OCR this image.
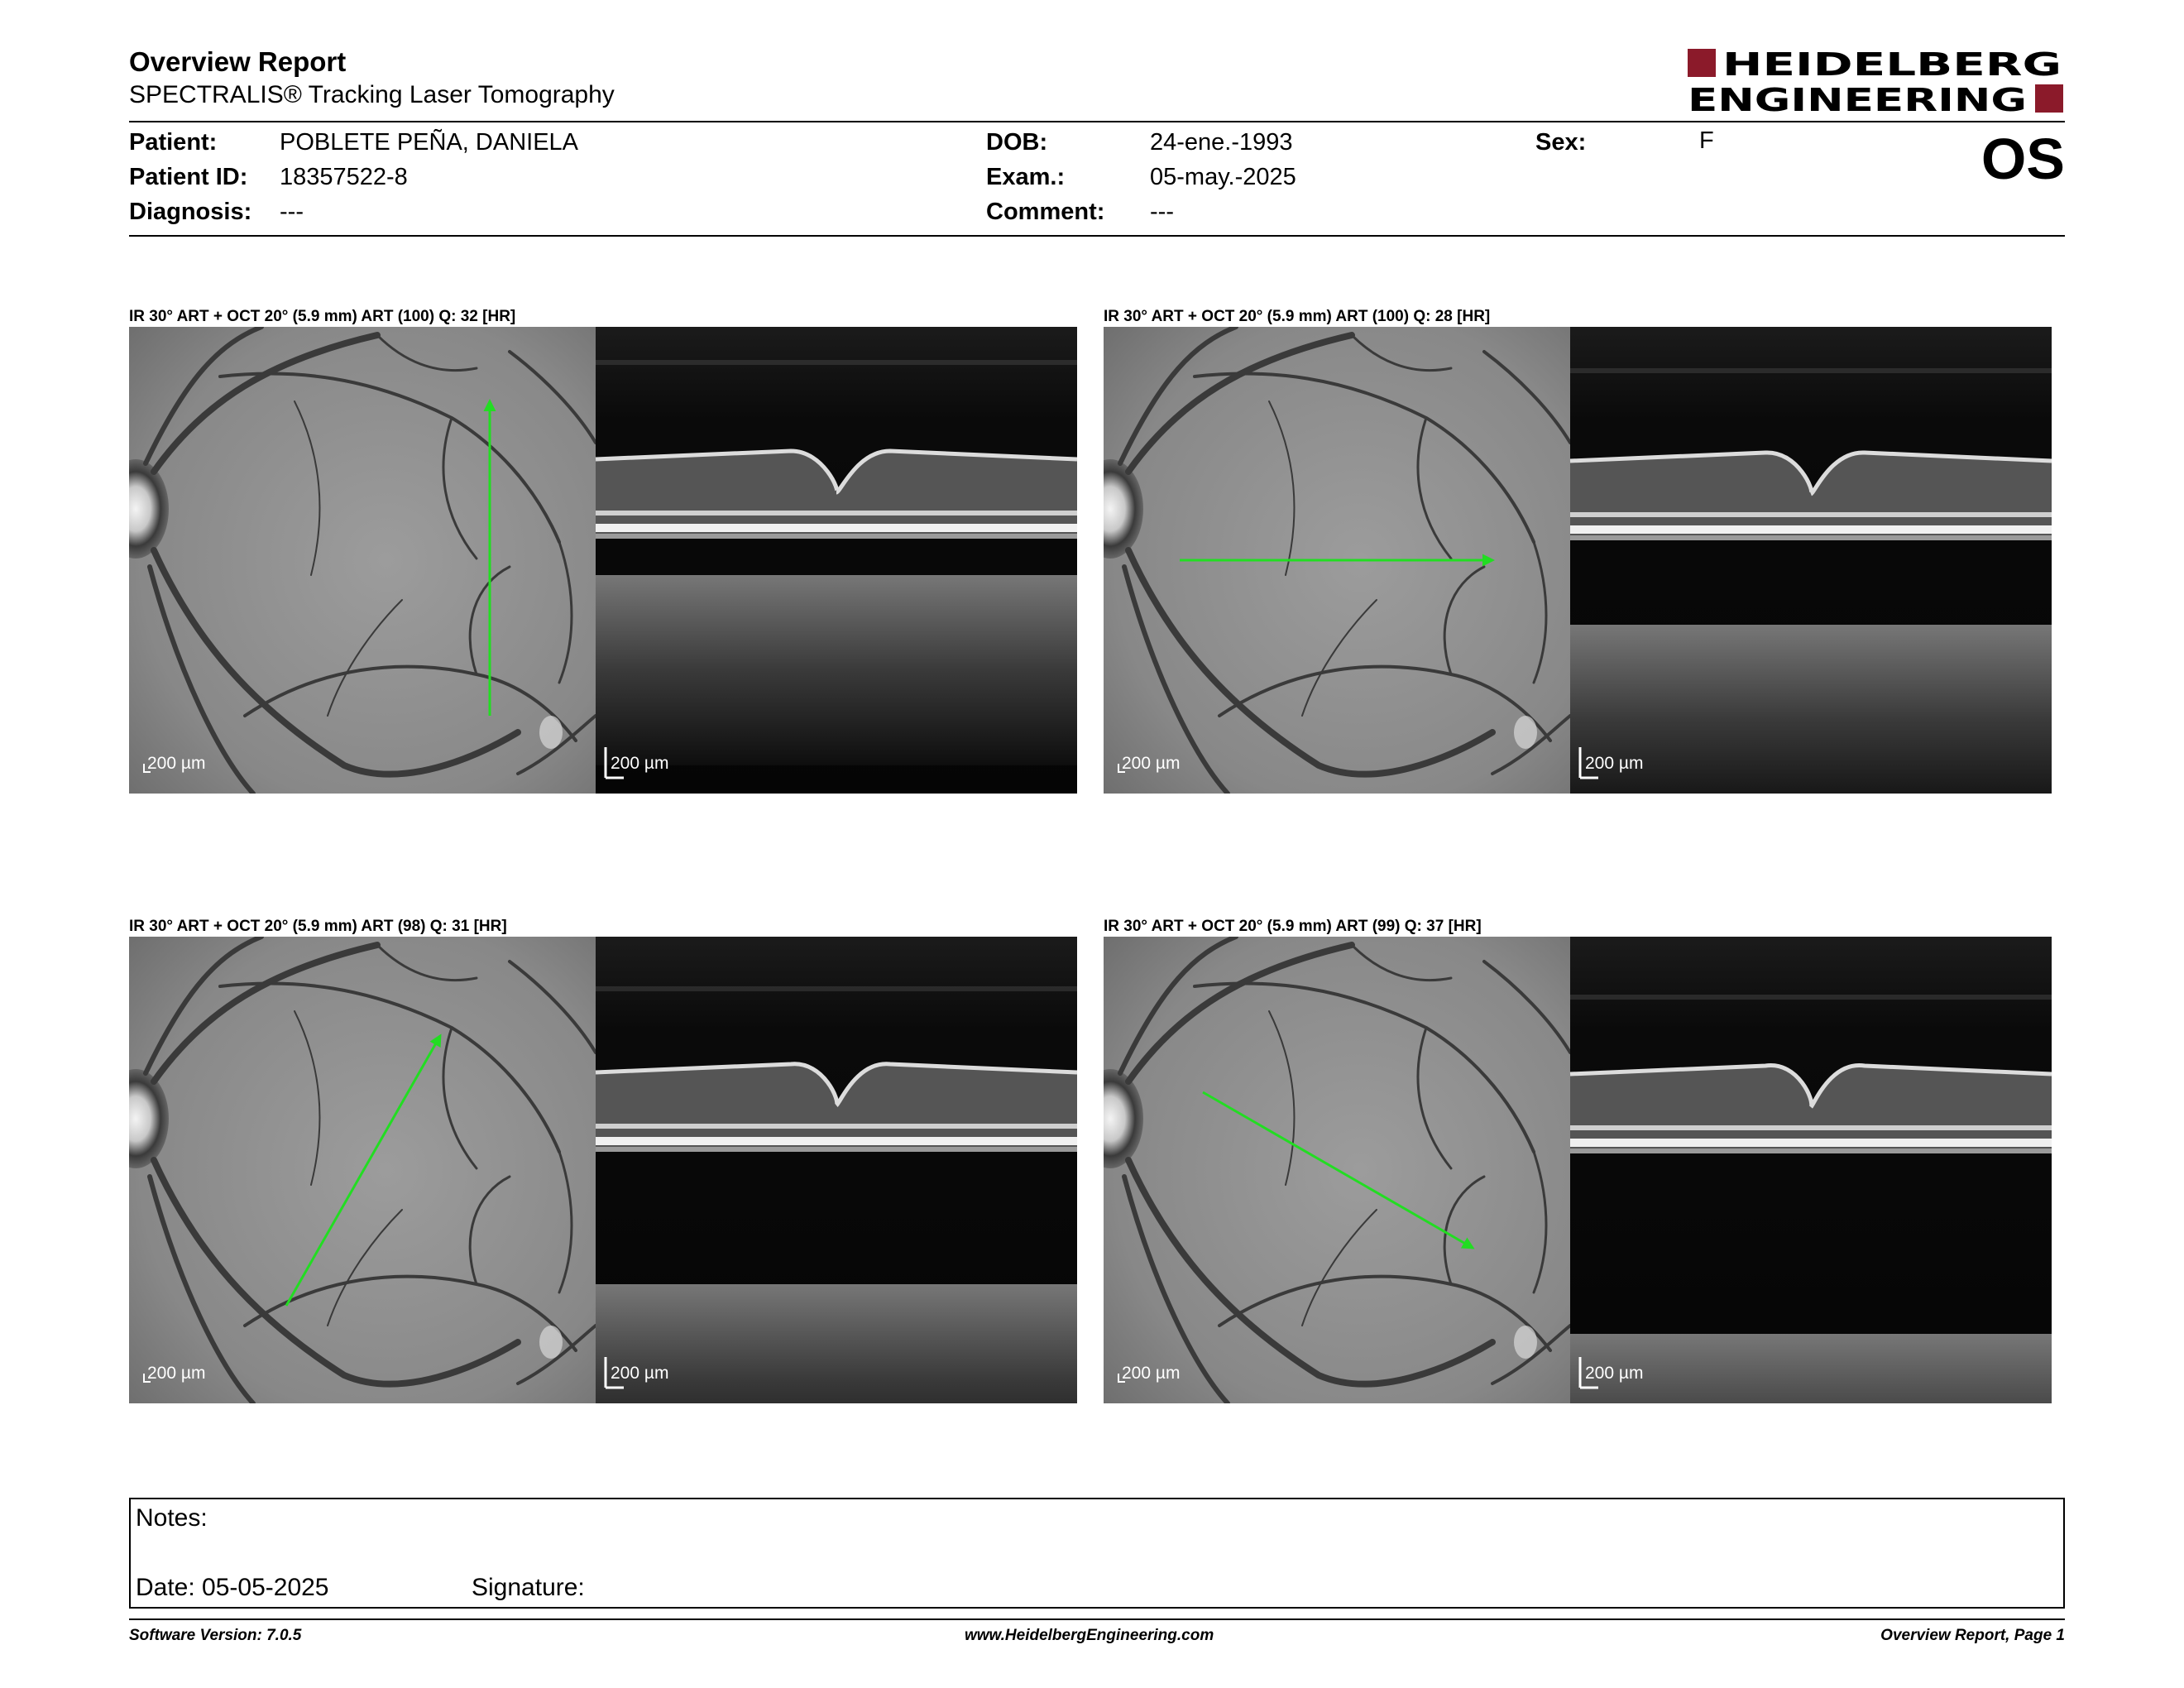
Overview Report
SPECTRALIS® Tracking Laser Tomography
HEIDELBERG
ENGINEERING
Patient:	POBLETE PEÑA, DANIELA
Patient ID: 18357522-8
Diagnosis: ---
DOB:	24-ene.-1993
Exam.:	05-may.-2025
Comment: ---
Sex:	F	OS
IR 30° ART + OCT 20° (5.9 mm) ART (100) Q: 32 [HR]	IR 30° ART + OCT 20° (5.9 mm) ART (100) Q: 28 [HR]
IR 30° ART + OCT 20° (5.9 mm) ART (98) Q: 31 [HR]	IR 30° ART + OCT 20° (5.9 mm) ART (99) Q: 37 [HR]
200 µm	200 µm	200 µm	200 µm
200 µm	200 µm	200 µm	200 µm
Notes:
Date: 05-05-2025	Signature:
Software Version: 7.0.5	www.HeidelbergEngineering.com	Overview Report, Page 1
